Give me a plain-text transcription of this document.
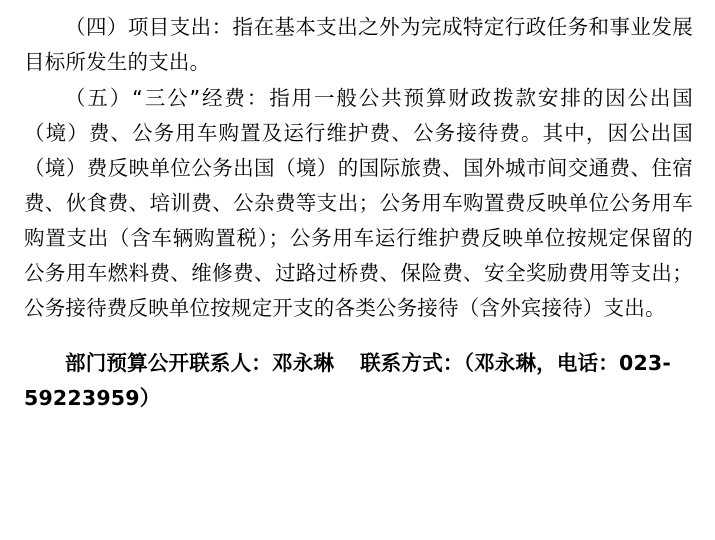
（四）项目支出：指在基本支出之外为完成特定行政任务和事业发展目标所发生的支出。

（五）“三公”经费：指用一般公共预算财政拨款安排的因公出国（境）费、公务用车购置及运行维护费、公务接待费。其中，因公出国（境）费反映单位公务出国（境）的国际旅费、国外城市间交通费、住宿费、伙食费、培训费、公杂费等支出；公务用车购置费反映单位公务用车购置支出（含车辆购置税）；公务用车运行维护费反映单位按规定保留的公务用车燃料费、维修费、过路过桥费、保险费、安全奖励费用等支出；公务接待费反映单位按规定开支的各类公务接待（含外宾接待）支出。

部门预算公开联系人：邓永琳 联系方式：（邓永琳，电话：023-59223959）
